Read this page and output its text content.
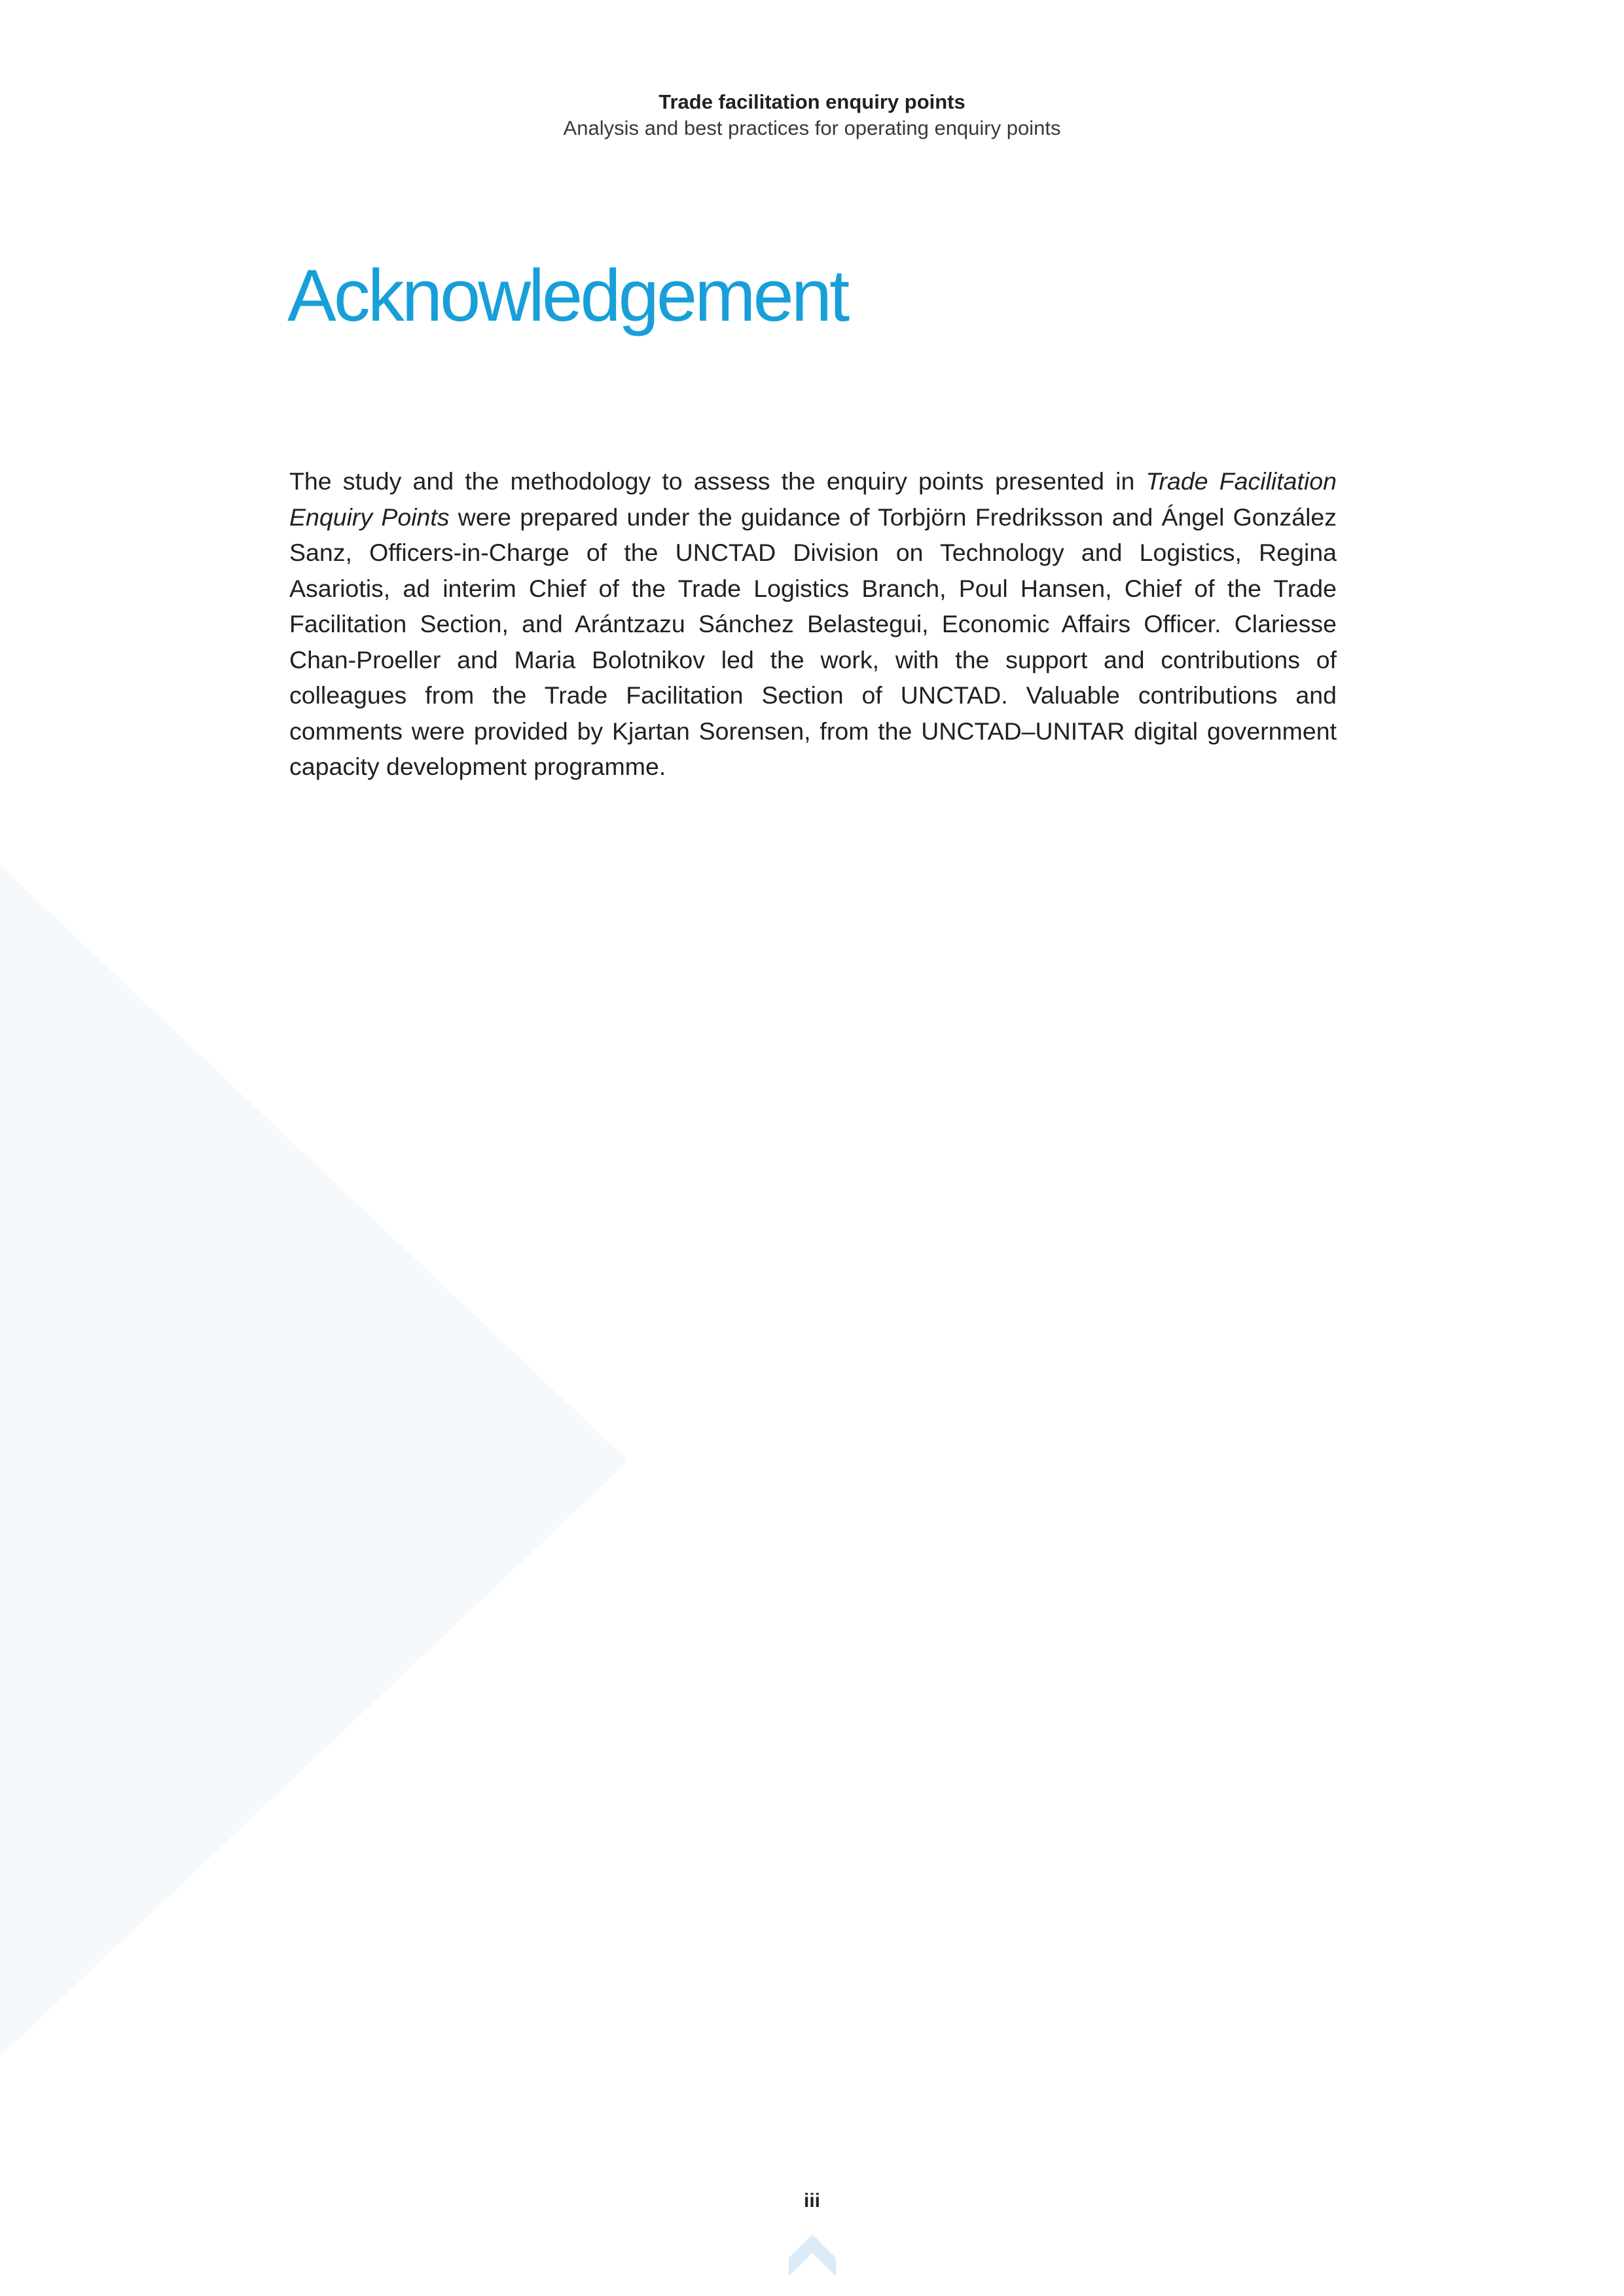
Trade facilitation enquiry points
Analysis and best practices for operating enquiry points
Acknowledgement

The study and the methodology to assess the enquiry points presented in Trade Facilitation Enquiry Points were prepared under the guidance of Torbjörn Fredriksson and Ángel González Sanz, Officers-in-Charge of the UNCTAD Division on Technology and Logistics, Regina Asariotis, ad interim Chief of the Trade Logistics Branch, Poul Hansen, Chief of the Trade Facilitation Section, and Arántzazu Sánchez Belastegui, Economic Affairs Officer. Clariesse Chan-Proeller and Maria Bolotnikov led the work, with the support and contributions of colleagues from the Trade Facilitation Section of UNCTAD. Valuable contributions and comments were provided by Kjartan Sorensen, from the UNCTAD–UNITAR digital government capacity development programme.

iii
